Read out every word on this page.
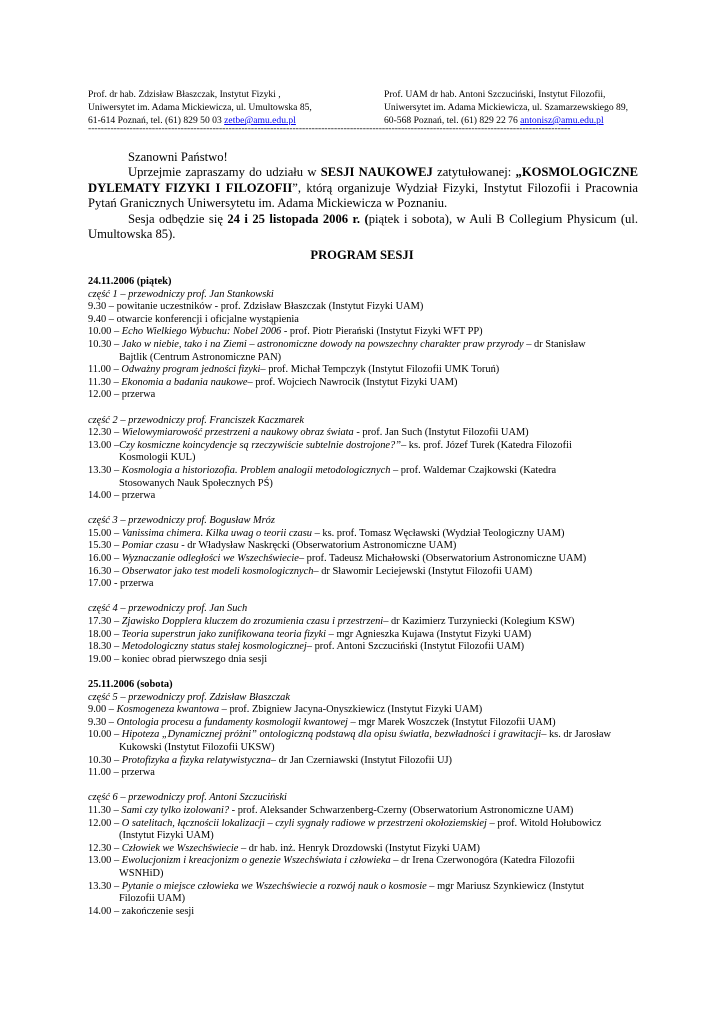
Prof. dr hab. Zdzisław Błaszczak, Instytut Fizyki ,
Uniwersytet im. Adama Mickiewicza, ul. Umultowska 85,
61-614 Poznań, tel. (61) 829 50 03 zetbe@amu.edu.pl
Prof. UAM dr hab. Antoni Szczuciński, Instytut Filozofii,
Uniwersytet im. Adama Mickiewicza, ul. Szamarzewskiego 89,
60-568 Poznań, tel. (61) 829 22 76 antonisz@amu.edu.pl
-------------------------------------------------------------------------------------------------------------------------------------------------------

Szanowni Państwo!

Uprzejmie zapraszamy do udziału w SESJI NAUKOWEJ zatytułowanej: „KOSMOLOGICZNE DYLEMATY FIZYKI I FILOZOFII”, którą organizuje Wydział Fizyki, Instytut Filozofii i Pracownia Pytań Granicznych Uniwersytetu im. Adama Mickiewicza w Poznaniu.

Sesja odbędzie się 24 i 25 listopada 2006 r. (piątek i sobota), w Auli B Collegium Physicum (ul. Umultowska 85).

PROGRAM SESJI
24.11.2006 (piątek)
część 1 – przewodniczy prof. Jan Stankowski
9.30 – powitanie uczestników - prof. Zdzisław Błaszczak (Instytut Fizyki UAM)
9.40 – otwarcie konferencji i oficjalne wystąpienia
10.00 – Echo Wielkiego Wybuchu: Nobel 2006 - prof. Piotr Pierański (Instytut Fizyki WFT PP)
10.30 – Jako w niebie, tako i na Ziemi – astronomiczne dowody na powszechny charakter praw przyrody – dr Stanisław
Bajtlik (Centrum Astronomiczne PAN)
11.00 – Odważny program jedności fizyki– prof. Michał Tempczyk (Instytut Filozofii UMK Toruń)
11.30 – Ekonomia a badania naukowe– prof. Wojciech Nawrocik (Instytut Fizyki UAM)
12.00 – przerwa
część 2 – przewodniczy prof. Franciszek Kaczmarek
12.30 – Wielowymiarowość przestrzeni a naukowy obraz świata - prof. Jan Such (Instytut Filozofii UAM)
13.00 –Czy kosmiczne koincydencje są rzeczywiście subtelnie dostrojone?”– ks. prof. Józef Turek (Katedra Filozofii
Kosmologii KUL)
13.30 – Kosmologia a historiozofia. Problem analogii metodologicznych – prof. Waldemar Czajkowski (Katedra
Stosowanych Nauk Społecznych PŚ)
14.00 – przerwa
część 3 – przewodniczy prof. Bogusław Mróz
15.00 – Vanissima chimera. Kilka uwag o teorii czasu – ks. prof. Tomasz Węcławski (Wydział Teologiczny UAM)
15.30 – Pomiar czasu - dr Władysław Naskręcki (Obserwatorium Astronomiczne UAM)
16.00 – Wyznaczanie odległości we Wszechświecie– prof. Tadeusz Michałowski (Obserwatorium Astronomiczne UAM)
16.30 – Obserwator jako test modeli kosmologicznych– dr Sławomir Leciejewski (Instytut Filozofii UAM)
17.00 - przerwa
część 4 – przewodniczy prof. Jan Such
17.30 – Zjawisko Dopplera kluczem do zrozumienia czasu i przestrzeni– dr Kazimierz Turzyniecki (Kolegium KSW)
18.00 – Teoria superstrun jako zunifikowana teoria fizyki – mgr Agnieszka Kujawa (Instytut Fizyki UAM)
18.30 – Metodologiczny status stałej kosmologicznej– prof. Antoni Szczuciński (Instytut Filozofii UAM)
19.00 – koniec obrad pierwszego dnia sesji
25.11.2006 (sobota)
część 5 – przewodniczy prof. Zdzisław Błaszczak
9.00 – Kosmogeneza kwantowa – prof. Zbigniew Jacyna-Onyszkiewicz (Instytut Fizyki UAM)
9.30 – Ontologia procesu a fundamenty kosmologii kwantowej – mgr Marek Woszczek (Instytut Filozofii UAM)
10.00 – Hipoteza „Dynamicznej próżni” ontologiczną podstawą dla opisu światła, bezwładności i grawitacji– ks. dr Jarosław
Kukowski (Instytut Filozofii UKSW)
10.30 – Protofizyka a fizyka relatywistyczna– dr Jan Czerniawski (Instytut Filozofii UJ)
11.00 – przerwa
część 6 – przewodniczy prof. Antoni Szczuciński
11.30 – Sami czy tylko izolowani? - prof. Aleksander Schwarzenberg-Czerny (Obserwatorium Astronomiczne UAM)
12.00 – O satelitach, łącznościi lokalizacji – czyli sygnały radiowe w przestrzeni okołoziemskiej – prof. Witold Hołubowicz
(Instytut Fizyki UAM)
12.30 – Człowiek we Wszechświecie – dr hab. inż. Henryk Drozdowski (Instytut Fizyki UAM)
13.00 – Ewolucjonizm i kreacjonizm o genezie Wszechświata i człowieka – dr Irena Czerwonogóra (Katedra Filozofii
WSNHiD)
13.30 – Pytanie o miejsce człowieka we Wszechświecie a rozwój nauk o kosmosie – mgr Mariusz Szynkiewicz (Instytut
Filozofii UAM)
14.00 – zakończenie sesji
